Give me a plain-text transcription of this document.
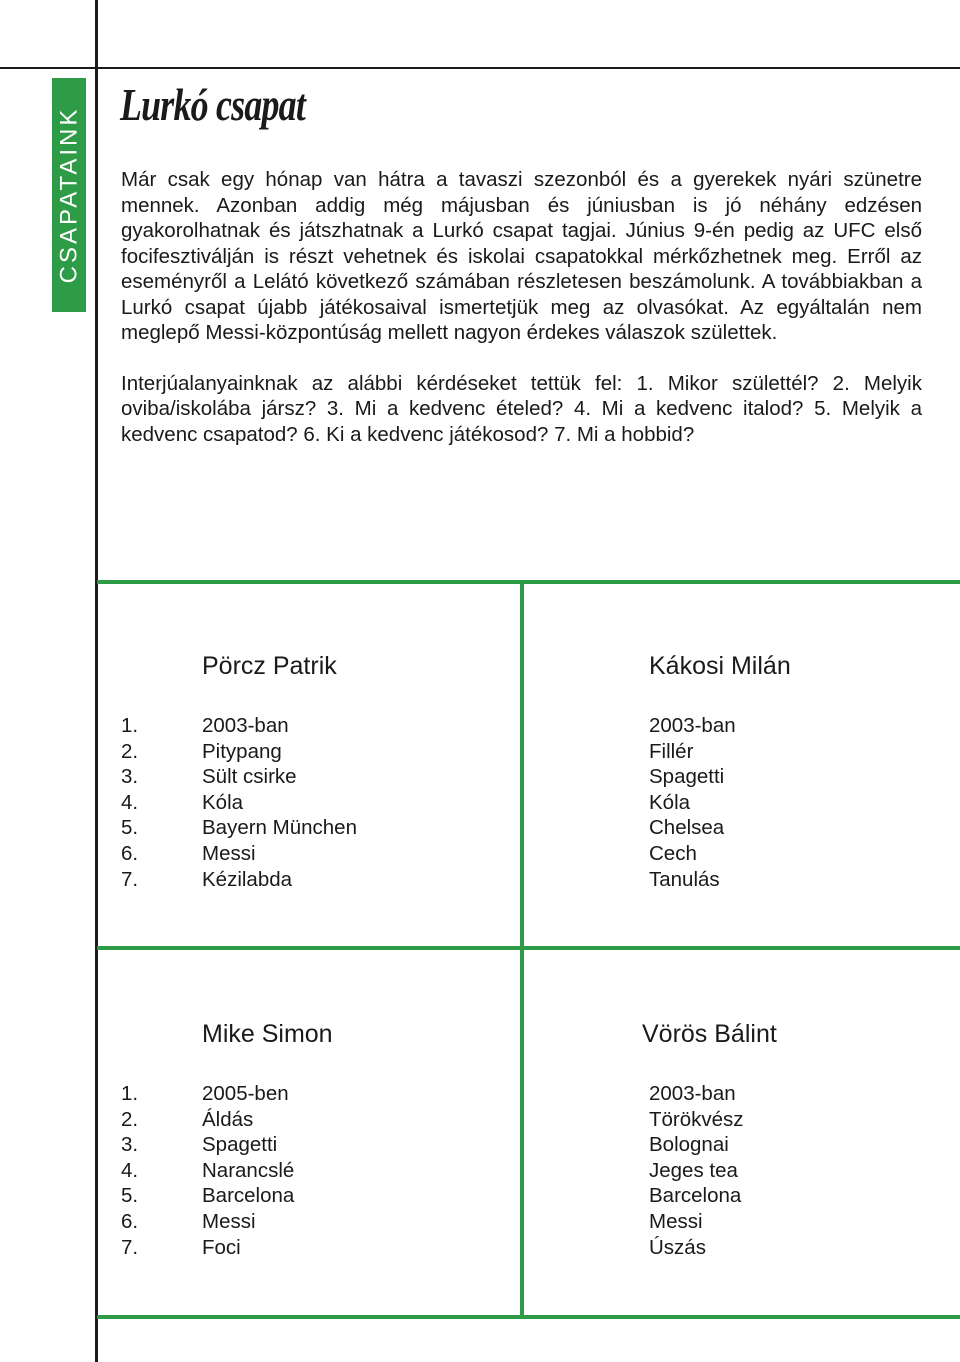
CSAPATAINK
Lurkó csapat

Már csak egy hónap van hátra a tavaszi szezonból és a gyerekek nyári szünetre mennek. Azonban addig még májusban és júniusban is jó néhány edzésen gyakorolhatnak és játszhatnak a Lurkó csapat tagjai. Június 9-én pedig az UFC első focifesztiválján is részt vehetnek és iskolai csapatokkal mérkőzhetnek meg. Erről az eseményről a Lelátó következő számában részletesen beszámolunk. A továbbiakban a Lurkó csapat újabb játékosaival ismertetjük meg az olvasókat. Az egyáltalán nem meglepő Messi-központúság mellett nagyon érdekes válaszok születtek.

Interjúalanyainknak az alábbi kérdéseket tettük fel: 1. Mikor születtél? 2. Melyik oviba/iskolába jársz? 3. Mi a kedvenc ételed? 4. Mi a kedvenc italod? 5. Melyik a kedvenc csapatod? 6. Ki a kedvenc játékosod? 7. Mi a hobbid?

Pörcz Patrik
1.	2003-ban
2.	Pitypang
3.	Sült csirke
4.	Kóla
5.	Bayern München
6.	Messi
7.	Kézilabda
Kákosi Milán
2003-ban
Fillér
Spagetti
Kóla
Chelsea
Cech
Tanulás
Mike Simon
1.	2005-ben
2.	Áldás
3.	Spagetti
4.	Narancslé
5.	Barcelona
6.	Messi
7.	Foci
Vörös Bálint
2003-ban
Törökvész
Bolognai
Jeges tea
Barcelona
Messi
Úszás
